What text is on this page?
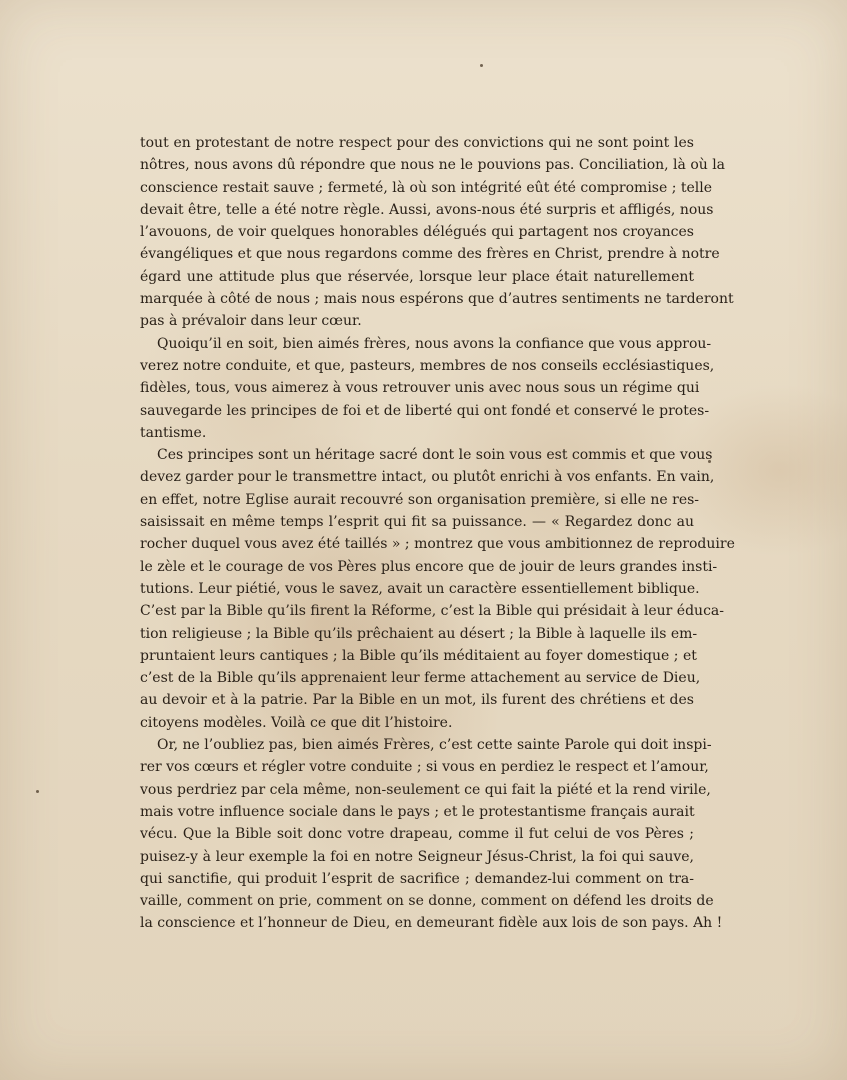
tout en protestant de notre respect pour des convictions qui ne sont point les
nôtres, nous avons dû répondre que nous ne le pouvions pas. Conciliation, là où la
conscience restait sauve ; fermeté, là où son intégrité eût été compromise ; telle
devait être, telle a été notre règle. Aussi, avons-nous été surpris et affligés, nous
l’avouons, de voir quelques honorables délégués qui partagent nos croyances
évangéliques et que nous regardons comme des frères en Christ, prendre à notre
égard une attitude plus que réservée, lorsque leur place était naturellement
marquée à côté de nous ; mais nous espérons que d’autres sentiments ne tarderont
pas à prévaloir dans leur cœur.
Quoiqu’il en soit, bien aimés frères, nous avons la confiance que vous approu-
verez notre conduite, et que, pasteurs, membres de nos conseils ecclésiastiques,
fidèles, tous, vous aimerez à vous retrouver unis avec nous sous un régime qui
sauvegarde les principes de foi et de liberté qui ont fondé et conservé le protes-
tantisme.
Ces principes sont un héritage sacré dont le soin vous est commis et que vous
devez garder pour le transmettre intact, ou plutôt enrichi à vos enfants. En vain,
en effet, notre Eglise aurait recouvré son organisation première, si elle ne res-
saisissait en même temps l’esprit qui fit sa puissance. — « Regardez donc au
rocher duquel vous avez été taillés » ; montrez que vous ambitionnez de reproduire
le zèle et le courage de vos Pères plus encore que de jouir de leurs grandes insti-
tutions. Leur piétié, vous le savez, avait un caractère essentiellement biblique.
C’est par la Bible qu’ils firent la Réforme, c’est la Bible qui présidait à leur éduca-
tion religieuse ; la Bible qu’ils prêchaient au désert ; la Bible à laquelle ils em-
pruntaient leurs cantiques ; la Bible qu’ils méditaient au foyer domestique ; et
c’est de la Bible qu’ils apprenaient leur ferme attachement au service de Dieu,
au devoir et à la patrie. Par la Bible en un mot, ils furent des chrétiens et des
citoyens modèles. Voilà ce que dit l’histoire.
Or, ne l’oubliez pas, bien aimés Frères, c’est cette sainte Parole qui doit inspi-
rer vos cœurs et régler votre conduite ; si vous en perdiez le respect et l’amour,
vous perdriez par cela même, non-seulement ce qui fait la piété et la rend virile,
mais votre influence sociale dans le pays ; et le protestantisme français aurait
vécu. Que la Bible soit donc votre drapeau, comme il fut celui de vos Pères ;
puisez-y à leur exemple la foi en notre Seigneur Jésus-Christ, la foi qui sauve,
qui sanctifie, qui produit l’esprit de sacrifice ; demandez-lui comment on tra-
vaille, comment on prie, comment on se donne, comment on défend les droits de
la conscience et l’honneur de Dieu, en demeurant fidèle aux lois de son pays. Ah !
